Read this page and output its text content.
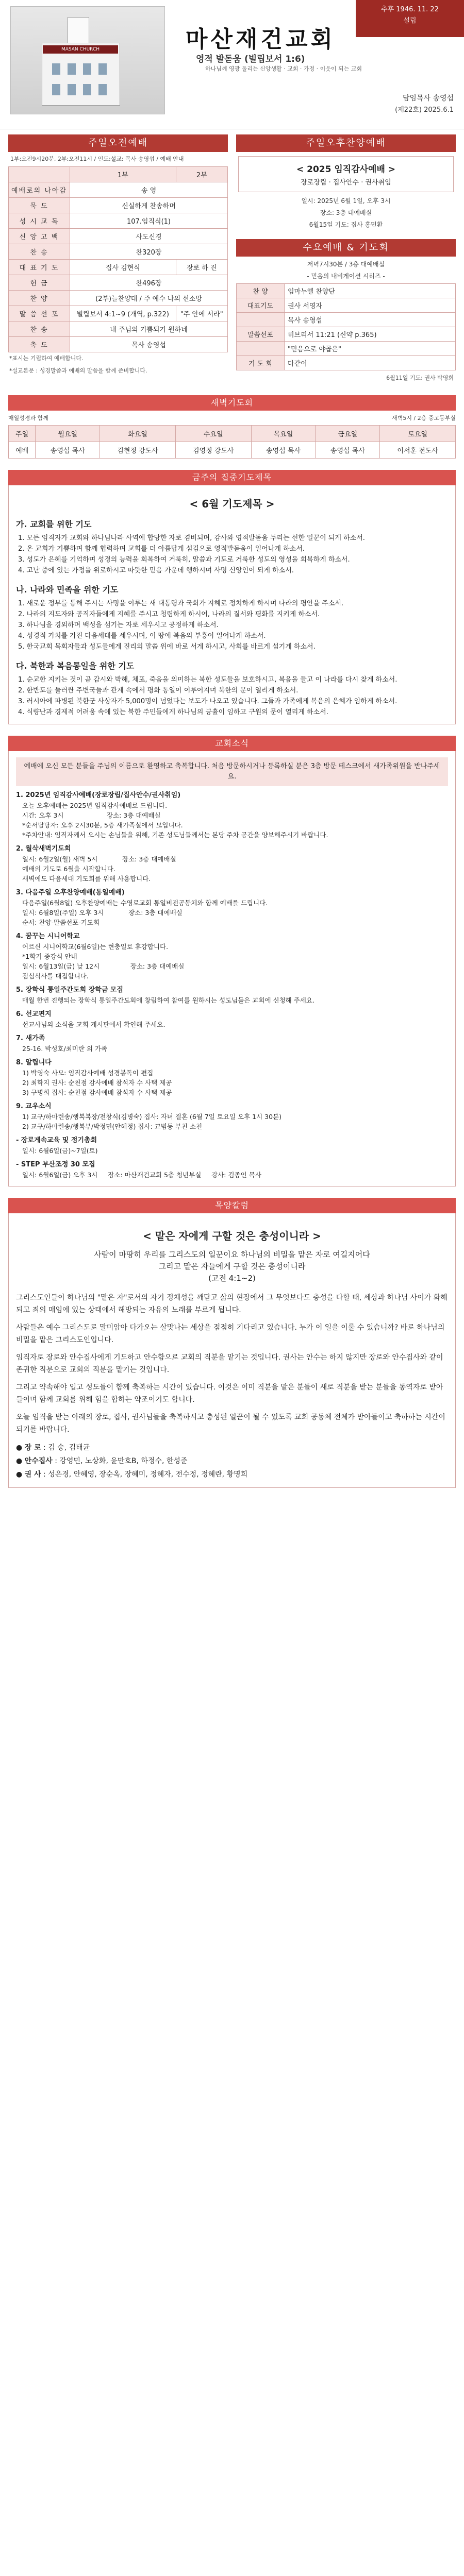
MASAN CHURCH
추후 1946. 11. 22
설립
마산재건교회
영적 발돋움 (빌립보서 1:6)
하나님께 영광 돌리는 신앙생활 · 교회 · 가정 · 이웃이 되는 교회
담임목사 송영섭
(제22호) 2025.6.1
주일오전예배
1부:오전9시20분, 2부:오전11시 / 인도:설교: 목사 송영섭 / 예배 안내
	1부	2부
예배로의 나아감	송 영	
묵 도	신실하게 찬송하며	
성 시 교 독	107.임직식(1)	
신 앙 고 백	사도신경	
찬 송	찬320장	
대 표 기 도	집사 김현식	장로 하 진
헌 금	찬496장	
찬 양	(2부)늘찬양대 / 주 예수 나의 선소망	
말 씀 선 포	빌립보서 4:1~9 (개역, p.322)	"주 안에 서라"
찬 송	내 주님의 기쁨되기 원하네	
축 도	목사 송영섭	
*표시는 기립하여 예배합니다.
*설교본문 : 성경말씀과 예배의 말씀을 함께 준비합니다.
주일오후찬양예배
< 2025 임직감사예배 >
장로장립 · 집사안수 · 권사취임
일시: 2025년 6월 1일, 오후 3시
장소: 3층 대예배실
6월15일 기도: 집사 홍민환
수요예배 & 기도회
저녁7시30분 / 3층 대예배실
- 믿음의 내비게이션 시리즈 -
찬 양	임마누엘 찬양단
대표기도	권사 서영자
	목사 송영섭
말씀선포	히브리서 11:21 (신약 p.365)
	"믿음으로 야곱은"
기 도 회	다같이
6월11일 기도: 권사 박영희
새벽기도회
매일성경과 함께	새벽5시 / 2층 중고등부실
주일	월요일	화요일	수요일	목요일	금요일	토요일
예배	송영섭 목사	김현정 강도사	김영정 강도사	송영섭 목사	송영섭 목사	이서훈 전도사
금주의 집중기도제목
< 6월 기도제목 >
가. 교회를 위한 기도
1. 모든 임직자가 교회와 하나님나라 사역에 합당한 자로 겸비되며, 감사와 영적발돋움 두리는 선한 일꾼이 되게 하소서.
2. 온 교회가 기쁨하며 함께 협력하며 교회를 더 아름답게 섬김으로 영적발돋움이 일어나게 하소서.
3. 성도가 은혜를 기억하며 성경의 능력을 회복하여 거룩히, 말씀과 기도로 거룩한 성도의 영성을 회복하게 하소서.
4. 고난 중에 있는 가정을 위로하시고 따뜻한 믿음 가운데 행하시며 사명 신앙인이 되게 하소서.
나. 나라와 민족을 위한 기도
1. 새로운 정부를 통해 주시는 사명을 이루는 새 대통령과 국회가 지혜로 정치하게 하시며 나라의 평안을 주소서.
2. 나라의 지도자와 공직자들에게 지혜를 주시고 청렴하게 하시어, 나라의 질서와 평화를 지키게 하소서.
3. 하나님을 경외하며 백성을 섬기는 자로 세우시고 공정하게 하소서.
4. 성경적 가치를 가진 다음세대를 세우시며, 이 땅에 복음의 부흥이 일어나게 하소서.
5. 한국교회 목회자들과 성도들에게 진리의 말씀 위에 바로 서게 하시고, 사회를 바르게 섬기게 하소서.
다. 북한과 복음통일을 위한 기도
1. 순교한 지키는 것이 곧 감시와 박해, 체포, 죽음을 의미하는 북한 성도들을 보호하시고, 복음을 들고 이 나라를 다시 찾게 하소서.
2. 한반도를 둘러싼 주변국들과 관계 속에서 평화 통일이 이루어지며 북한의 문이 열리게 하소서.
3. 러시아에 파병된 북한군 사상자가 5,000명이 넘었다는 보도가 나오고 있습니다. 그들과 가족에게 복음의 은혜가 임하게 하소서.
4. 식량난과 경제적 어려움 속에 있는 북한 주민들에게 하나님의 긍휼이 임하고 구원의 문이 열리게 하소서.
교회소식
예배에 오신 모든 분들을 주님의 이름으로 환영하고 축복합니다. 처음 방문하시거나 등록하실 분은 3층 방문 테스크에서 새가족위원을 반나주세요.
1. 2025년 임직감사예배(장로장립/집사안수/권사취임)
오늘 오후예배는 2025년 임직감사예배로 드립니다.
시간: 오후 3시                     장소: 3층 대예배실
*순서담당자: 오후 2시30분, 5층 새가족실에서 모입니다.
*주차안내: 임직자께서 오시는 손님들을 위해, 기존 성도님들께서는 본당 주차 공간을 양보해주시기 바랍니다.
2. 월삭새벽기도회
일시: 6월2일(월) 새벽 5시            장소: 3층 대예배실
예배의 기도로 6월을 시작합니다.
새벽에도 다음세대 기도회를 위해 사용합니다.
3. 다음주일 오후찬양예배(통일예배)
다음주일(6월8일) 오후찬양예배는 수영로교회 통일비전공동체와 함께 예배를 드립니다.
일시: 6월8일(주일) 오후 3시            장소: 3층 대예배실
순서: 찬양-말씀선포-기도회
4. 꿈꾸는 시니어학교
어르신 시니어학교(6월6일)는 현충일로 휴강합니다.
*1학기 종강식 안내
일시: 6월13일(금) 낮 12시               장소: 3층 대예배실
점심식사를 대접합니다.
5. 장학식 통일주간도회 장학금 모집
매월 한번 진행되는 장학식 통일주간도회에 창립하여 참여를 원하시는 성도님들은 교회에 신청해 주세요.
6. 선교편지
선교사님의 소식을 교회 게시판에서 확인해 주세요.
7. 새가족
25-16. 박성호/최미란 외 가족
8. 알립니다
1) 박영숙 사모: 임직감사예배 성경봉독이 편집
2) 최학지 권사: 순천점 감사예배 참석자 수 사택 제공
3) 구병희 집사: 순천점 감사예배 참석자 수 사택 제공
9. 교우소식
1) 교구/하마련송/행복복장/전창식(김병숙) 집사: 자녀 결혼 (6월 7일 토요일 오후 1시 30분)
2) 교구/하마련송/행복부/박정민(안혜정) 집사: 교범동 부친 소천
- 장로게속교육 및 정기총회
일시: 6월6일(금)~7일(토)
- STEP 부산조정 30 모집
일시: 6월6일(금) 오후 3시     장소: 마산재건교회 5층 청년부실     강사: 김종인 목사
목양칼럼
< 맡은 자에게 구할 것은 충성이니라 >
사람이 마땅히 우리를 그리스도의 일꾼이요 하나님의 비밀을 맡은 자로 여길지어다
그리고 맡은 자들에게 구할 것은 충성이니라
(고전 4:1~2)
그리스도인들이 하나님의 "맡은 자"로서의 자기 정체성을 깨닫고 삶의 현장에서 그 무엇보다도 충성을 다할 때, 세상과 하나님 사이가 화해되고 죄의 매임에 있는 상태에서 해방되는 자유의 노래를 부르게 됩니다.
사람들은 예수 그리스도로 말미암아 다가오는 살맛나는 세상을 점점히 기다리고 있습니다. 누가 이 일을 이룰 수 있습니까? 바로 하나님의 비밀을 맡은 그리스도인입니다.
임직자로 장로와 안수집사에게 기도하고 안수함으로 교회의 직분을 맡기는 것입니다. 권사는 안수는 하지 않지만 장로와 안수집사와 같이 존귀한 직분으로 교회의 직분을 맡기는 것입니다.
그리고 약속해야 입고 성도들이 함께 축복하는 시간이 있습니다. 이것은 이미 직분을 맡은 분들이 새로 직분을 받는 분들을 동역자로 받아들이며 함께 교회를 위해 힘을 합하는 약조이기도 합니다.
오늘 임직을 받는 아래의 장로, 집사, 권사님들을 축복하시고 충성된 일꾼이 될 수 있도록 교회 공동체 전체가 받아들이고 축하하는 시간이 되기를 바랍니다.
● 장 로 : 김 숭, 김태균
● 안수집사 : 강영민, 노상화, 윤만호B, 하정수, 한성준
● 권 사 : 성은경, 안혜영, 장순옥, 장혜미, 정혜자, 전수정, 정혜란, 황명희
